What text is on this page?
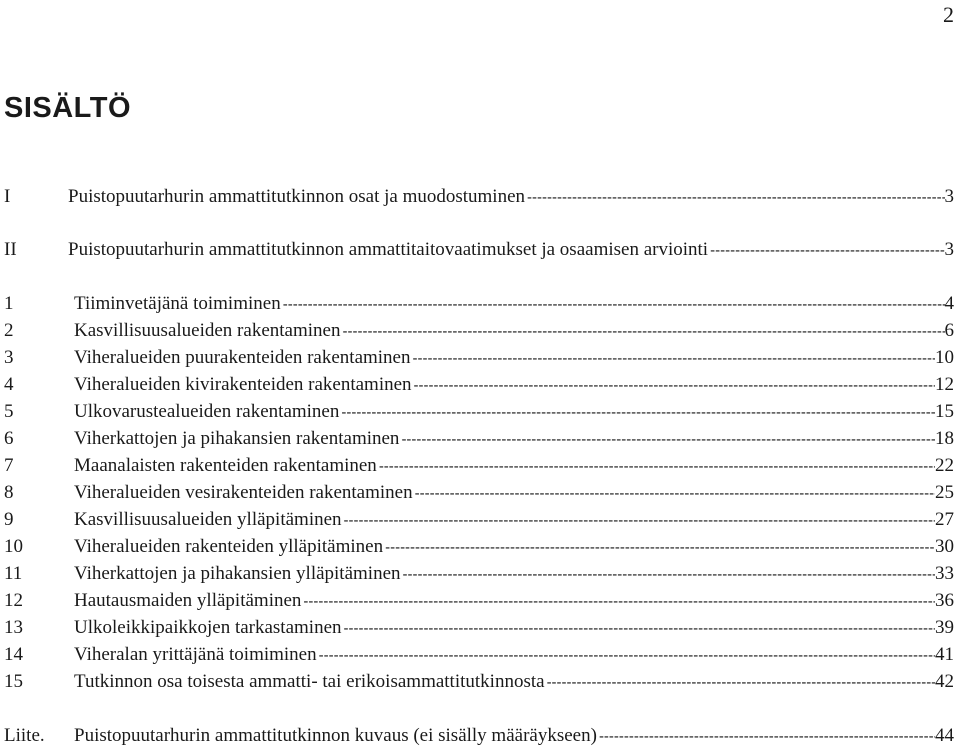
2
SISÄLTÖ
I	Puistopuutarhurin ammattitutkinnon osat ja muodostuminen -----	3
II	Puistopuutarhurin ammattitutkinnon ammattitaitovaatimukset ja osaamisen arviointi -----	3
1	Tiiminvetäjänä toimiminen -----	4
2	Kasvillisuusalueiden rakentaminen -----	6
3	Viheralueiden puurakenteiden rakentaminen -----	10
4	Viheralueiden kivirakenteiden rakentaminen -----	12
5	Ulkovarustealueiden rakentaminen -----	15
6	Viherkattojen ja pihakansien rakentaminen -----	18
7	Maanalaisten rakenteiden rakentaminen -----	22
8	Viheralueiden vesirakenteiden rakentaminen -----	25
9	Kasvillisuusalueiden ylläpitäminen -----	27
10	Viheralueiden rakenteiden ylläpitäminen -----	30
11	Viherkattojen ja pihakansien ylläpitäminen -----	33
12	Hautausmaiden ylläpitäminen -----	36
13	Ulkoleikkipaikkojen tarkastaminen -----	39
14	Viheralan yrittäjänä toimiminen -----	41
15	Tutkinnon osa toisesta ammatti- tai erikoisammattitutkinnosta -----	42
Liite.	Puistopuutarhurin ammattitutkinnon kuvaus (ei sisälly määräykseen) -----	44
